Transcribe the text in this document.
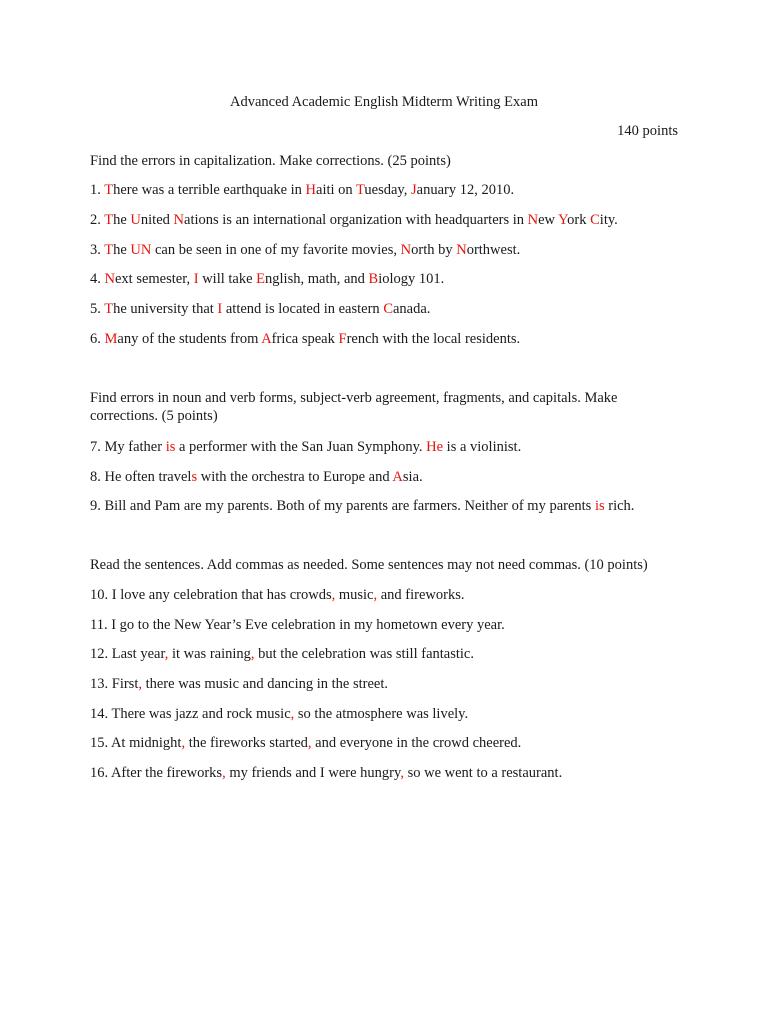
Advanced Academic English Midterm Writing Exam
140 points
Find the errors in capitalization. Make corrections. (25 points)
1. There was a terrible earthquake in Haiti on Tuesday, January 12, 2010.
2. The United Nations is an international organization with headquarters in New York City.
3. The UN can be seen in one of my favorite movies, North by Northwest.
4. Next semester, I will take English, math, and Biology 101.
5. The university that I attend is located in eastern Canada.
6. Many of the students from Africa speak French with the local residents.
Find errors in noun and verb forms, subject-verb agreement, fragments, and capitals. Make corrections. (5 points)
7. My father is a performer with the San Juan Symphony. He is a violinist.
8. He often travels with the orchestra to Europe and Asia.
9. Bill and Pam are my parents. Both of my parents are farmers. Neither of my parents is rich.
Read the sentences. Add commas as needed. Some sentences may not need commas. (10 points)
10. I love any celebration that has crowds, music, and fireworks.
11. I go to the New Year’s Eve celebration in my hometown every year.
12. Last year, it was raining, but the celebration was still fantastic.
13. First, there was music and dancing in the street.
14. There was jazz and rock music, so the atmosphere was lively.
15. At midnight, the fireworks started, and everyone in the crowd cheered.
16. After the fireworks, my friends and I were hungry, so we went to a restaurant.
